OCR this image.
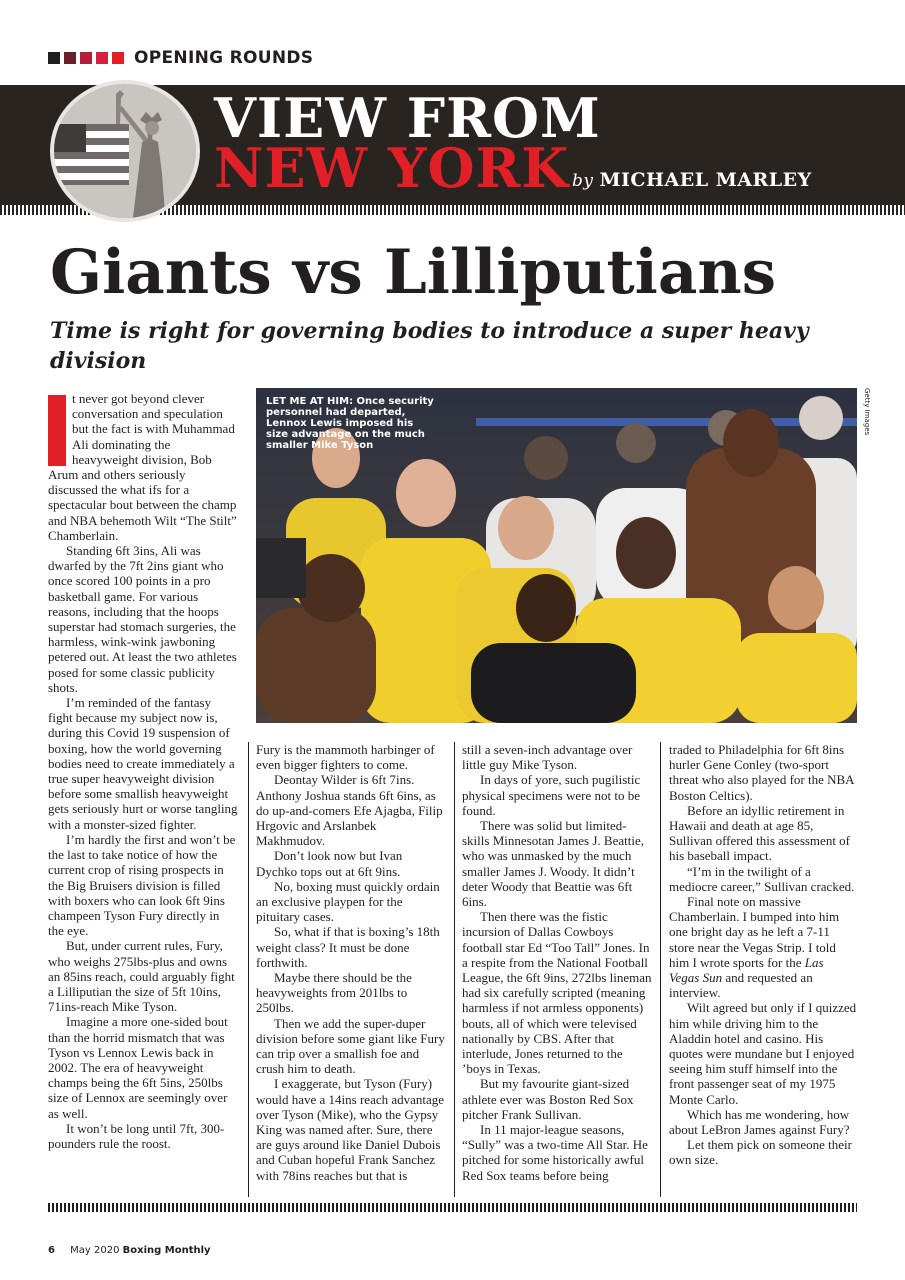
OPENING ROUNDS
VIEW FROM
NEW YORK by MICHAEL MARLEY
Giants vs Lilliputians
Time is right for governing bodies to introduce a super heavy division
LET ME AT HIM: Once security personnel had departed, Lennox Lewis imposed his size advantage on the much smaller Mike Tyson
Getty Images

t never got beyond clever conversation and speculation but the fact is with Muhammad Ali dominating the heavyweight division, Bob Arum and others seriously discussed the what ifs for a spectacular bout between the champ and NBA behemoth Wilt “The Stilt” Chamberlain.

Standing 6ft 3ins, Ali was dwarfed by the 7ft 2ins giant who once scored 100 points in a pro basketball game. For various reasons, including that the hoops superstar had stomach surgeries, the harmless, wink-wink jawboning petered out. At least the two athletes posed for some classic publicity shots.

I’m reminded of the fantasy fight because my subject now is, during this Covid 19 suspension of boxing, how the world governing bodies need to create immediately a true super heavyweight division before some smallish heavyweight gets seriously hurt or worse tangling with a monster-sized fighter.

I’m hardly the first and won’t be the last to take notice of how the current crop of rising prospects in the Big Bruisers division is filled with boxers who can look 6ft 9ins champeen Tyson Fury directly in the eye.

But, under current rules, Fury, who weighs 275lbs-plus and owns an 85ins reach, could arguably fight a Lilliputian the size of 5ft 10ins, 71ins-reach Mike Tyson.

Imagine a more one-sided bout than the horrid mismatch that was Tyson vs Lennox Lewis back in 2002. The era of heavyweight champs being the 6ft 5ins, 250lbs size of Lennox are seemingly over as well.

It won’t be long until 7ft, 300-pounders rule the roost.

Fury is the mammoth harbinger of even bigger fighters to come.

Deontay Wilder is 6ft 7ins. Anthony Joshua stands 6ft 6ins, as do up-and-comers Efe Ajagba, Filip Hrgovic and Arslanbek Makhmudov.

Don’t look now but Ivan Dychko tops out at 6ft 9ins.

No, boxing must quickly ordain an exclusive playpen for the pituitary cases.

So, what if that is boxing’s 18th weight class? It must be done forthwith.

Maybe there should be the heavyweights from 201lbs to 250lbs.

Then we add the super-duper division before some giant like Fury can trip over a smallish foe and crush him to death.

I exaggerate, but Tyson (Fury) would have a 14ins reach advantage over Tyson (Mike), who the Gypsy King was named after. Sure, there are guys around like Daniel Dubois and Cuban hopeful Frank Sanchez with 78ins reaches but that is

still a seven-inch advantage over little guy Mike Tyson.

In days of yore, such pugilistic physical specimens were not to be found.

There was solid but limited-skills Minnesotan James J. Beattie, who was unmasked by the much smaller James J. Woody. It didn’t deter Woody that Beattie was 6ft 6ins.

Then there was the fistic incursion of Dallas Cowboys football star Ed “Too Tall” Jones. In a respite from the National Football League, the 6ft 9ins, 272lbs lineman had six carefully scripted (meaning harmless if not armless opponents) bouts, all of which were televised nationally by CBS. After that interlude, Jones returned to the ’boys in Texas.

But my favourite giant-sized athlete ever was Boston Red Sox pitcher Frank Sullivan.

In 11 major-league seasons, “Sully” was a two-time All Star. He pitched for some historically awful Red Sox teams before being

traded to Philadelphia for 6ft 8ins hurler Gene Conley (two-sport threat who also played for the NBA Boston Celtics).

Before an idyllic retirement in Hawaii and death at age 85, Sullivan offered this assessment of his baseball impact.

“I’m in the twilight of a mediocre career,” Sullivan cracked.

Final note on massive Chamberlain. I bumped into him one bright day as he left a 7-11 store near the Vegas Strip. I told him I wrote sports for the Las Vegas Sun and requested an interview.

Wilt agreed but only if I quizzed him while driving him to the Aladdin hotel and casino. His quotes were mundane but I enjoyed seeing him stuff himself into the front passenger seat of my 1975 Monte Carlo.

Which has me wondering, how about LeBron James against Fury?

Let them pick on someone their own size.

6 May 2020 Boxing Monthly
